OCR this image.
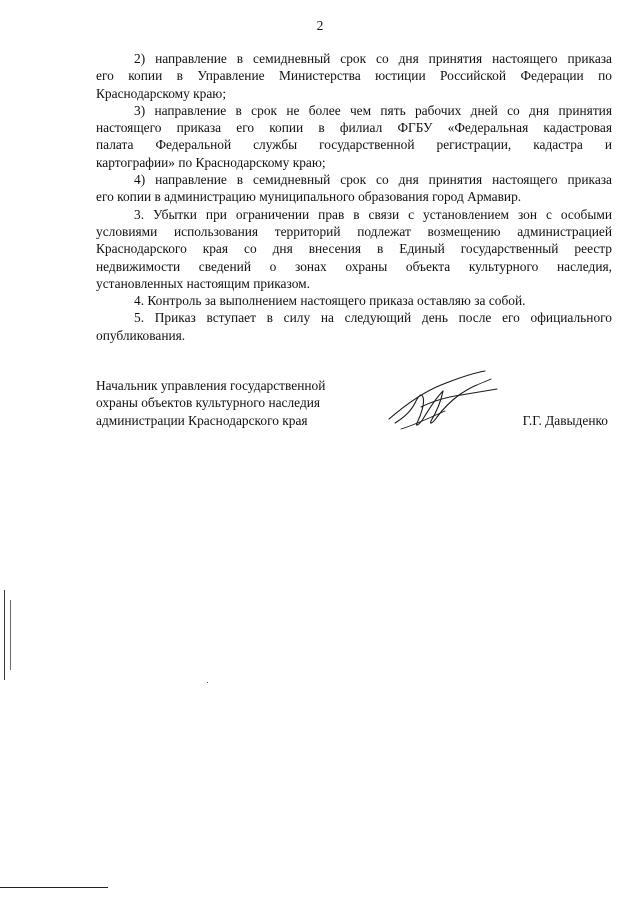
2

2) направление в семидневный срок со дня принятия настоящего приказа
его копии в Управление Министерства юстиции Российской Федерации по
Краснодарскому краю;

3) направление в срок не более чем пять рабочих дней со дня принятия
настоящего приказа его копии в филиал ФГБУ «Федеральная кадастровая
палата Федеральной службы государственной регистрации, кадастра и
картографии» по Краснодарскому краю;

4) направление в семидневный срок со дня принятия настоящего приказа
его копии в администрацию муниципального образования город Армавир.

3. Убытки при ограничении прав в связи с установлением зон с особыми
условиями использования территорий подлежат возмещению администрацией
Краснодарского края со дня внесения в Единый государственный реестр
недвижимости сведений о зонах охраны объекта культурного наследия,
установленных настоящим приказом.

4. Контроль за выполнением настоящего приказа оставляю за собой.

5. Приказ вступает в силу на следующий день после его официального
опубликования.

Начальник управления государственной
охраны объектов культурного наследия
администрации Краснодарского края	Г.Г. Давыденко
